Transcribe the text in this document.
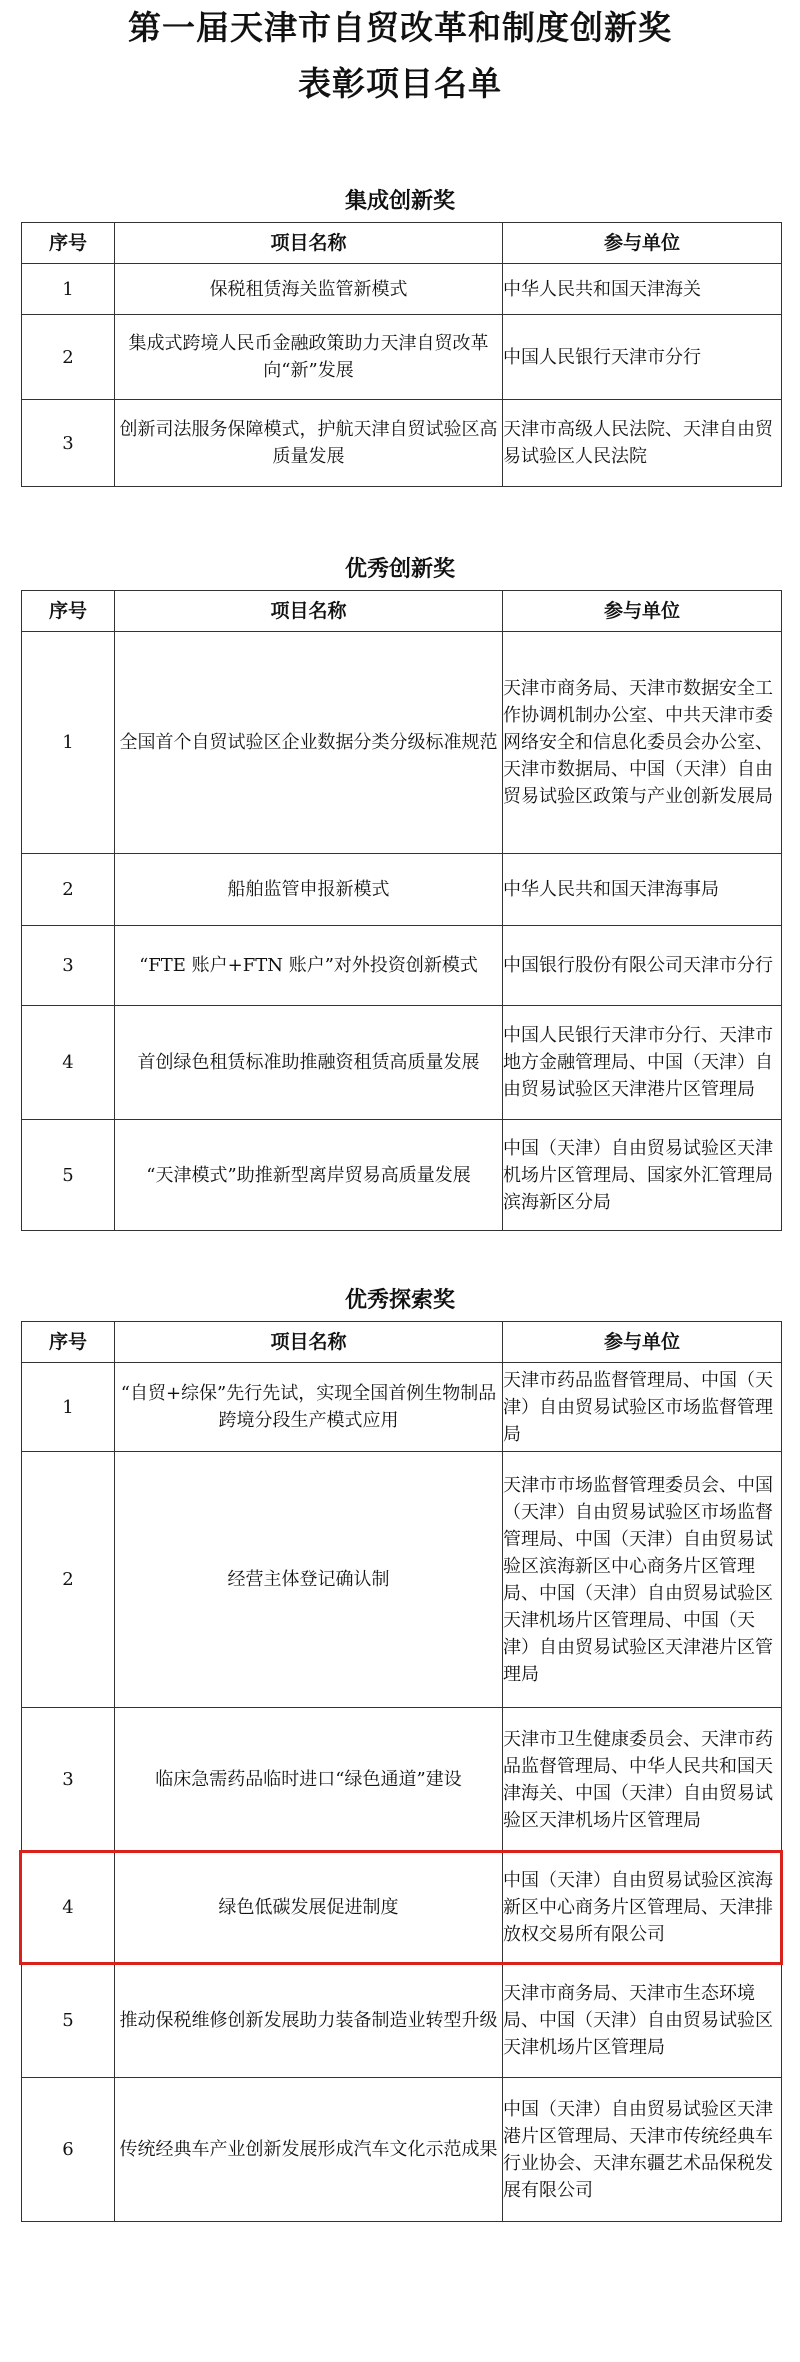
第一届天津市自贸改革和制度创新奖
表彰项目名单
集成创新奖
序号	项目名称	参与单位
1	保税租赁海关监管新模式	中华人民共和国天津海关
2	集成式跨境人民币金融政策助力天津自贸改革向“新”发展	中国人民银行天津市分行
3	创新司法服务保障模式，护航天津自贸试验区高质量发展	天津市高级人民法院、天津自由贸易试验区人民法院
优秀创新奖
序号	项目名称	参与单位
1	全国首个自贸试验区企业数据分类分级标准规范	天津市商务局、天津市数据安全工作协调机制办公室、中共天津市委网络安全和信息化委员会办公室、天津市数据局、中国（天津）自由贸易试验区政策与产业创新发展局
2	船舶监管申报新模式	中华人民共和国天津海事局
3	“FTE 账户+FTN 账户”对外投资创新模式	中国银行股份有限公司天津市分行
4	首创绿色租赁标准助推融资租赁高质量发展	中国人民银行天津市分行、天津市地方金融管理局、中国（天津）自由贸易试验区天津港片区管理局
5	“天津模式”助推新型离岸贸易高质量发展	中国（天津）自由贸易试验区天津机场片区管理局、国家外汇管理局滨海新区分局
优秀探索奖
序号	项目名称	参与单位
1	“自贸+综保”先行先试，实现全国首例生物制品跨境分段生产模式应用	天津市药品监督管理局、中国（天津）自由贸易试验区市场监督管理局
2	经营主体登记确认制	天津市市场监督管理委员会、中国（天津）自由贸易试验区市场监督管理局、中国（天津）自由贸易试验区滨海新区中心商务片区管理局、中国（天津）自由贸易试验区天津机场片区管理局、中国（天津）自由贸易试验区天津港片区管理局
3	临床急需药品临时进口“绿色通道”建设	天津市卫生健康委员会、天津市药品监督管理局、中华人民共和国天津海关、中国（天津）自由贸易试验区天津机场片区管理局
4	绿色低碳发展促进制度	中国（天津）自由贸易试验区滨海新区中心商务片区管理局、天津排放权交易所有限公司
5	推动保税维修创新发展助力装备制造业转型升级	天津市商务局、天津市生态环境局、中国（天津）自由贸易试验区天津机场片区管理局
6	传统经典车产业创新发展形成汽车文化示范成果	中国（天津）自由贸易试验区天津港片区管理局、天津市传统经典车行业协会、天津东疆艺术品保税发展有限公司
